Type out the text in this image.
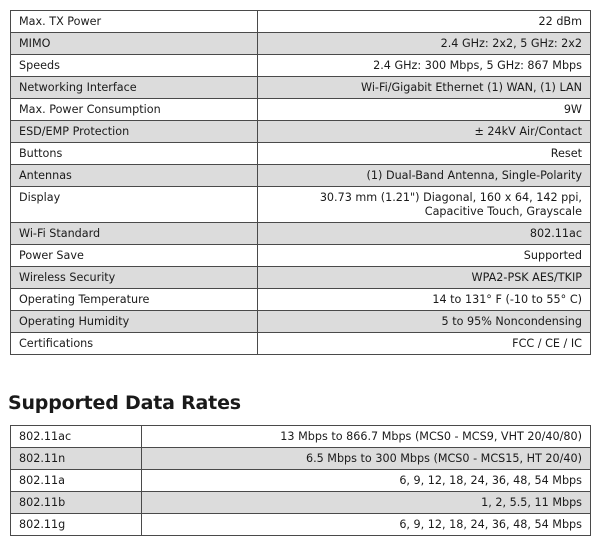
Max. TX Power	22 dBm

MIMO	2.4 GHz: 2x2, 5 GHz: 2x2

Speeds	2.4 GHz: 300 Mbps, 5 GHz: 867 Mbps

Networking Interface	Wi-Fi/Gigabit Ethernet (1) WAN, (1) LAN

Max. Power Consumption	9W

ESD/EMP Protection	± 24kV Air/Contact

Buttons	Reset

Antennas	(1) Dual-Band Antenna, Single-Polarity

Display	30.73 mm (1.21") Diagonal, 160 x 64, 142 ppi,
Capacitive Touch, Grayscale

Wi-Fi Standard	802.11ac

Power Save	Supported

Wireless Security	WPA2-PSK AES/TKIP

Operating Temperature	14 to 131° F (-10 to 55° C)

Operating Humidity	5 to 95% Noncondensing

Certifications	FCC / CE / IC
Supported Data Rates
802.11ac	13 Mbps to 866.7 Mbps (MCS0 - MCS9, VHT 20/40/80)
802.11n	6.5 Mbps to 300 Mbps (MCS0 - MCS15, HT 20/40)
802.11a	6, 9, 12, 18, 24, 36, 48, 54 Mbps
802.11b	1, 2, 5.5, 11 Mbps
802.11g	6, 9, 12, 18, 24, 36, 48, 54 Mbps
